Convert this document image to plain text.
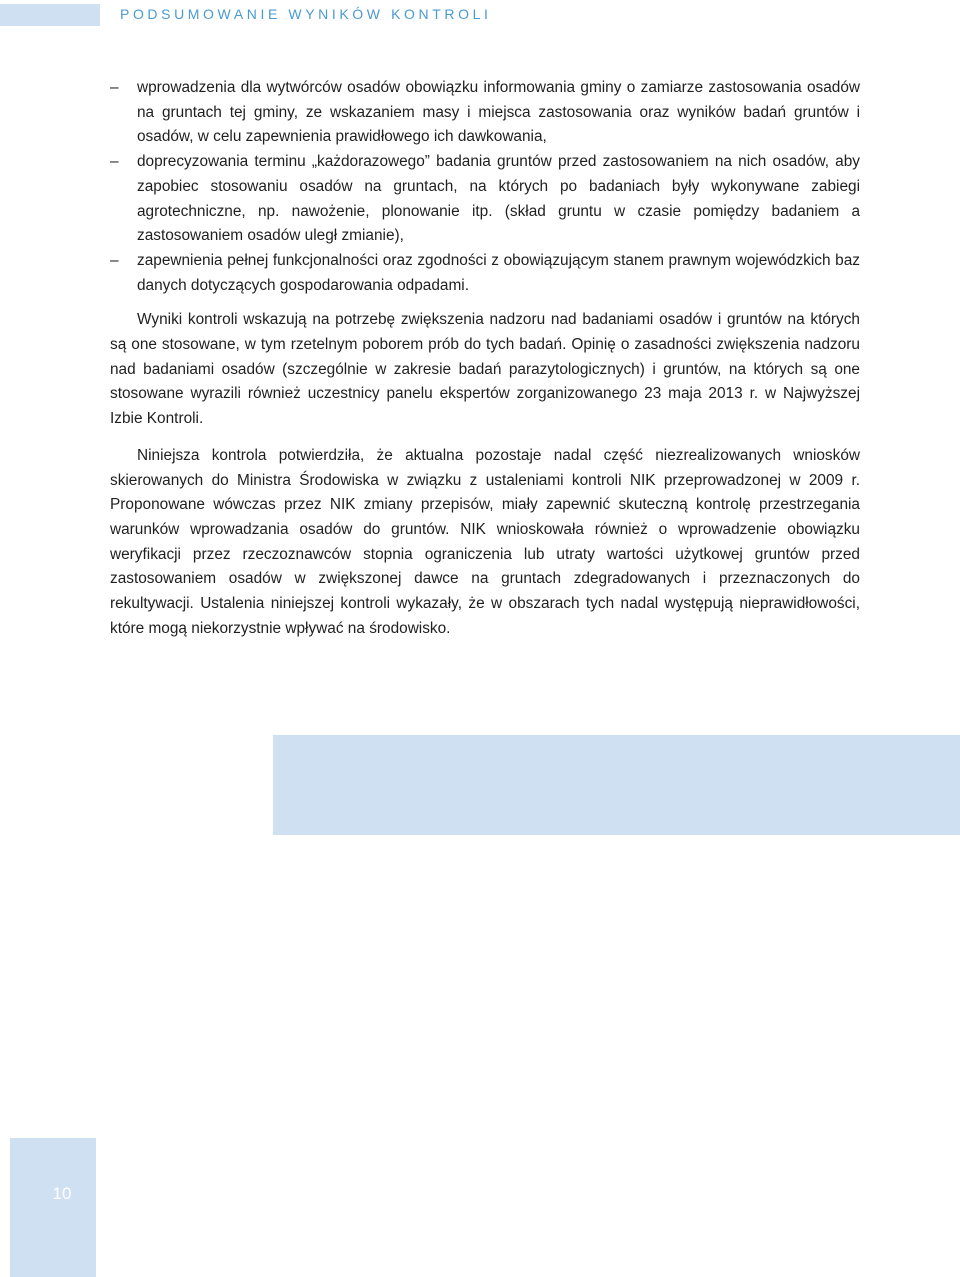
PODSUMOWANIE WYNIKÓW KONTROLI
– wprowadzenia dla wytwórców osadów obowiązku informowania gminy o zamiarze zastosowania osadów na gruntach tej gminy, ze wskazaniem masy i miejsca zastosowania oraz wyników badań gruntów i osadów, w celu zapewnienia prawidłowego ich dawkowania,
– doprecyzowania terminu „każdorazowego” badania gruntów przed zastosowaniem na nich osadów, aby zapobiec stosowaniu osadów na gruntach, na których po badaniach były wykonywane zabiegi agrotechniczne, np. nawożenie, plonowanie itp. (skład gruntu w czasie pomiędzy badaniem a zastosowaniem osadów uległ zmianie),
– zapewnienia pełnej funkcjonalności oraz zgodności z obowiązującym stanem prawnym wojewódzkich baz danych dotyczących gospodarowania odpadami.

Wyniki kontroli wskazują na potrzebę zwiększenia nadzoru nad badaniami osadów i gruntów na których są one stosowane, w tym rzetelnym poborem prób do tych badań. Opinię o zasadności zwiększenia nadzoru nad badaniami osadów (szczególnie w zakresie badań parazytologicznych) i gruntów, na których są one stosowane wyrazili również uczestnicy panelu ekspertów zorganizowanego 23 maja 2013 r. w Najwyższej Izbie Kontroli.

Niniejsza kontrola potwierdziła, że aktualna pozostaje nadal część niezrealizowanych wniosków skierowanych do Ministra Środowiska w związku z ustaleniami kontroli NIK przeprowadzonej w 2009 r. Proponowane wówczas przez NIK zmiany przepisów, miały zapewnić skuteczną kontrolę przestrzegania warunków wprowadzania osadów do gruntów. NIK wnioskowała również o wprowadzenie obowiązku weryfikacji przez rzeczoznawców stopnia ograniczenia lub utraty wartości użytkowej gruntów przed zastosowaniem osadów w zwiększonej dawce na gruntach zdegradowanych i przeznaczonych do rekultywacji. Ustalenia niniejszej kontroli wykazały, że w obszarach tych nadal występują nieprawidłowości, które mogą niekorzystnie wpływać na środowisko.

10
